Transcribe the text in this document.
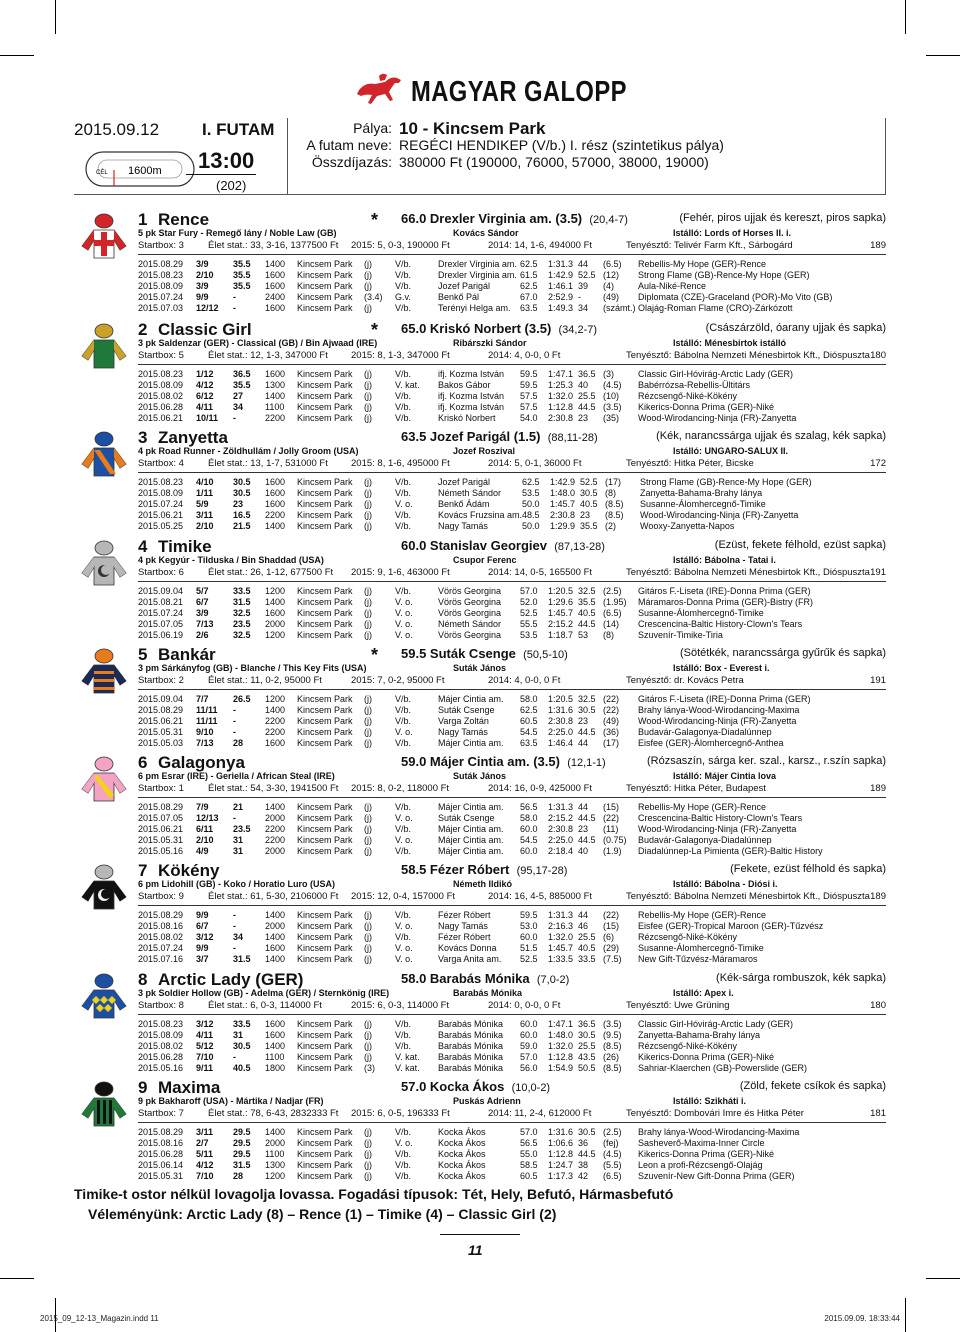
MAGYAR GALOPP
2015.09.12	I. FUTAM
CÉL 1600m 13:00
(202)
Pálya:
A futam neve:
Összdíjazás:
10 - Kincsem Park
REGÉCI HENDIKEP (V/b.) I. rész (szintetikus pálya)
380000 Ft (190000, 76000, 57000, 38000, 19000)
1 Rence	* 66.0 Drexler Virginia am. (3.5) (20,4-7)	(Fehér, piros ujjak és kereszt, piros sapka)
5 pk Star Fury - Remegő lány / Noble Law (GB)	Kovács Sándor	Istálló: Lords of Horses II. i.
Startbox: 3	Élet stat.: 33, 3-16, 1377500 Ft 2015: 5, 0-3, 190000 Ft	2014: 14, 1-6, 494000 Ft	Tenyésztő: Telivér Farm Kft., Sárbogárd	189
2015.08.29	3/9	35.5	1400	Kincsem Park	(j)	V/b.	Drexler Virginia am.	62.5	1:31.3	44	(6.5)	Rebellis-My Hope (GER)-Rence
2015.08.23	2/10	35.5	1600	Kincsem Park	(j)	V/b.	Drexler Virginia am.	61.5	1:42.9	52.5	(12)	Strong Flame (GB)-Rence-My Hope (GER)
2015.08.09	3/9	35.5	1600	Kincsem Park	(j)	V/b.	Jozef Parigál	62.5	1:46.1	39	(4)	Aula-Niké-Rence
2015.07.24	9/9	-	2400	Kincsem Park	(3.4)	G.v.	Benkő Pál	67.0	2:52.9	-	(49)	Diplomata (CZE)-Graceland (POR)-Mo Vito (GB)
2015.07.03	12/12	-	1600	Kincsem Park	(j)	V/b.	Terényi Helga am.	63.5	1:49.3	34	(számt.)	Olajág-Roman Flame (CRO)-Zárkózott
2 Classic Girl	* 65.0 Kriskó Norbert (3.5) (34,2-7)	(Császárzöld, óarany ujjak és sapka)
3 pk Saldenzar (GER) - Classical (GB) / Bin Ajwaad (IRE)	Ribárszki Sándor	Istálló: Ménesbirtok istálló
Startbox: 5	Élet stat.: 12, 1-3, 347000 Ft 2015: 8, 1-3, 347000 Ft	2014: 4, 0-0, 0 Ft	Tenyésztő: Bábolna Nemzeti Ménesbirtok Kft., Dióspuszta 180
2015.08.23	1/12	36.5	1600	Kincsem Park	(j)	V/b.	ifj. Kozma István	59.5	1:47.1	36.5	(3)	Classic Girl-Hóvirág-Arctic Lady (GER)
2015.08.09	4/12	35.5	1300	Kincsem Park	(j)	V. kat.	Bakos Gábor	59.5	1:25.3	40	(4.5)	Babérrózsa-Rebellis-Ültitárs
2015.08.02	6/12	27	1400	Kincsem Park	(j)	V/b.	ifj. Kozma István	57.5	1:32.0	25.5	(10)	Rézcsengő-Niké-Kökény
2015.06.28	4/11	34	1100	Kincsem Park	(j)	V/b.	ifj. Kozma István	57.5	1:12.8	44.5	(3.5)	Kikerics-Donna Prima (GER)-Niké
2015.06.21	10/11	-	2200	Kincsem Park	(j)	V/b.	Kriskó Norbert	54.0	2:30.8	23	(35)	Wood-Wirodancing-Ninja (FR)-Zanyetta
3 Zanyetta	63.5 Jozef Parigál (1.5) (88,11-28)	(Kék, narancssárga ujjak és szalag, kék sapka)
4 pk Road Runner - Zöldhullám / Jolly Groom (USA)	Jozef Roszival	Istálló: UNGARO-SALUX II.
Startbox: 4	Élet stat.: 13, 1-7, 531000 Ft 2015: 8, 1-6, 495000 Ft	2014: 5, 0-1, 36000 Ft	Tenyésztő: Hitka Péter, Bicske	172
2015.08.23	4/10	30.5	1600	Kincsem Park	(j)	V/b.	Jozef Parigál	62.5	1:42.9	52.5	(17)	Strong Flame (GB)-Rence-My Hope (GER)
2015.08.09	1/11	30.5	1600	Kincsem Park	(j)	V/b.	Németh Sándor	53.5	1:48.0	30.5	(8)	Zanyetta-Bahama-Brahy lánya
2015.07.24	5/9	23	1600	Kincsem Park	(j)	V. o.	Benkő Ádám	50.0	1:45.7	40.5	(8.5)	Susanne-Álomhercegnő-Timike
2015.06.21	3/11	16.5	2200	Kincsem Park	(j)	V/b.	Kovács Fruzsina am.	48.5	2:30.8	23	(8.5)	Wood-Wirodancing-Ninja (FR)-Zanyetta
2015.05.25	2/10	21.5	1400	Kincsem Park	(j)	V/b.	Nagy Tamás	50.0	1:29.9	35.5	(2)	Wooxy-Zanyetta-Napos
4 Timike	60.0 Stanislav Georgiev (87,13-28)	(Ezüst, fekete félhold, ezüst sapka)
4 pk Kegyúr - Tilduska / Bin Shaddad (USA)	Csupor Ferenc	Istálló: Bábolna - Tatai i.
Startbox: 6	Élet stat.: 26, 1-12, 677500 Ft 2015: 9, 1-6, 463000 Ft	2014: 14, 0-5, 165500 Ft	Tenyésztő: Bábolna Nemzeti Ménesbirtok Kft., Dióspuszta 191
2015.09.04	5/7	33.5	1200	Kincsem Park	(j)	V/b.	Vörös Georgina	57.0	1:20.5	32.5	(2.5)	Gitáros F.-Liseta (IRE)-Donna Prima (GER)
2015.08.21	6/7	31.5	1400	Kincsem Park	(j)	V. o.	Vörös Georgina	52.0	1:29.6	35.5	(1.95)	Máramaros-Donna Prima (GER)-Bistry (FR)
2015.07.24	3/9	32.5	1600	Kincsem Park	(j)	V. o.	Vörös Georgina	52.5	1:45.7	40.5	(6.5)	Susanne-Álomhercegnő-Timike
2015.07.05	7/13	23.5	2000	Kincsem Park	(j)	V. o.	Németh Sándor	55.5	2:15.2	44.5	(14)	Crescencina-Baltic History-Clown's Tears
2015.06.19	2/6	32.5	1200	Kincsem Park	(j)	V. o.	Vörös Georgina	53.5	1:18.7	53	(8)	Szuvenír-Timike-Tiria
5 Bankár	* 59.5 Suták Csenge (50,5-10)	(Sötétkék, narancssárga gyűrűk és sapka)
3 pm Sárkányfog (GB) - Blanche / This Key Fits (USA)	Suták János	Istálló: Box - Everest i.
Startbox: 2	Élet stat.: 11, 0-2, 95000 Ft	2015: 7, 0-2, 95000 Ft	2014: 4, 0-0, 0 Ft	Tenyésztő: dr. Kovács Petra	191
2015.09.04	7/7	26.5	1200	Kincsem Park	(j)	V/b.	Májer Cintia am.	58.0	1:20.5	32.5	(22)	Gitáros F.-Liseta (IRE)-Donna Prima (GER)
2015.08.29	11/11	-	1400	Kincsem Park	(j)	V/b.	Suták Csenge	62.5	1:31.6	30.5	(22)	Brahy lánya-Wood-Wirodancing-Maxima
2015.06.21	11/11	-	2200	Kincsem Park	(j)	V/b.	Varga Zoltán	60.5	2:30.8	23	(49)	Wood-Wirodancing-Ninja (FR)-Zanyetta
2015.05.31	9/10	-	2200	Kincsem Park	(j)	V. o.	Nagy Tamás	54.5	2:25.0	44.5	(36)	Budavár-Galagonya-Diadalúnnep
2015.05.03	7/13	28	1600	Kincsem Park	(j)	V/b.	Májer Cintia am.	63.5	1:46.4	44	(17)	Eisfee (GER)-Álomhercegnő-Anthea
6 Galagonya	59.0 Májer Cintia am. (3.5) (12,1-1)	(Rózsaszín, sárga ker. szal., karsz., r.szín sapka)
6 pm Esrar (IRE) - Geriella / African Steal (IRE)	Suták János	Istálló: Májer Cintia lova
Startbox: 1	Élet stat.: 54, 3-30, 1941500 Ft 2015: 8, 0-2, 118000 Ft	2014: 16, 0-9, 425000 Ft	Tenyésztő: Hitka Péter, Budapest	189
2015.08.29	7/9	21	1400	Kincsem Park	(j)	V/b.	Májer Cintia am.	56.5	1:31.3	44	(15)	Rebellis-My Hope (GER)-Rence
2015.07.05	12/13	-	2000	Kincsem Park	(j)	V. o.	Suták Csenge	58.0	2:15.2	44.5	(22)	Crescencina-Baltic History-Clown's Tears
2015.06.21	6/11	23.5	2200	Kincsem Park	(j)	V/b.	Májer Cintia am.	60.0	2:30.8	23	(11)	Wood-Wirodancing-Ninja (FR)-Zanyetta
2015.05.31	2/10	31	2200	Kincsem Park	(j)	V. o.	Májer Cintia am.	54.5	2:25.0	44.5	(0.75)	Budavár-Galagonya-Diadalúnnep
2015.05.16	4/9	31	2000	Kincsem Park	(j)	V/b.	Májer Cintia am.	60.0	2:18.4	40	(1.9)	Diadalúnnep-La Pimienta (GER)-Baltic History
7 Kökény	58.5 Fézer Róbert (95,17-28)	(Fekete, ezüst félhold és sapka)
6 pm Lidohill (GB) - Koko / Horatio Luro (USA)	Németh Ildikó	Istálló: Bábolna - Diósi i.
Startbox: 9	Élet stat.: 61, 5-30, 2106000 Ft 2015: 12, 0-4, 157000 Ft	2014: 16, 4-5, 885000 Ft	Tenyésztő: Bábolna Nemzeti Ménesbirtok Kft., Dióspuszta 189
2015.08.29	9/9	-	1400	Kincsem Park	(j)	V/b.	Fézer Róbert	59.5	1:31.3	44	(22)	Rebellis-My Hope (GER)-Rence
2015.08.16	6/7	-	2000	Kincsem Park	(j)	V. o.	Nagy Tamás	53.0	2:16.3	46	(15)	Eisfee (GER)-Tropical Maroon (GER)-Tűzvész
2015.08.02	3/12	34	1400	Kincsem Park	(j)	V/b.	Fézer Róbert	60.0	1:32.0	25.5	(6)	Rézcsengő-Niké-Kökény
2015.07.24	9/9	-	1600	Kincsem Park	(j)	V. o.	Kovács Donna	51.5	1:45.7	40.5	(29)	Susanne-Álomhercegnő-Timike
2015.07.16	3/7	31.5	1400	Kincsem Park	(j)	V. o.	Varga Anita am.	52.5	1:33.5	33.5	(7.5)	New Gift-Tűzvész-Máramaros
8 Arctic Lady (GER)	58.0 Barabás Mónika (7,0-2)	(Kék-sárga rombuszok, kék sapka)
3 pk Soldier Hollow (GB) - Adelma (GER) / Sternkönig (IRE)	Barabás Mónika	Istálló: Apex i.
Startbox: 8	Élet stat.: 6, 0-3, 114000 Ft	2015: 6, 0-3, 114000 Ft	2014: 0, 0-0, 0 Ft	Tenyésztő: Uwe Grüning	180
2015.08.23	3/12	33.5	1600	Kincsem Park	(j)	V/b.	Barabás Mónika	60.0	1:47.1	36.5	(3.5)	Classic Girl-Hóvirág-Arctic Lady (GER)
2015.08.09	4/11	31	1600	Kincsem Park	(j)	V/b.	Barabás Mónika	60.0	1:48.0	30.5	(9.5)	Zanyetta-Bahama-Brahy lánya
2015.08.02	5/12	30.5	1400	Kincsem Park	(j)	V/b.	Barabás Mónika	59.0	1:32.0	25.5	(8.5)	Rézcsengő-Niké-Kökény
2015.06.28	7/10	-	1100	Kincsem Park	(j)	V. kat.	Barabás Mónika	57.0	1:12.8	43.5	(26)	Kikerics-Donna Prima (GER)-Niké
2015.05.16	9/11	40.5	1800	Kincsem Park	(3)	V. kat.	Barabás Mónika	56.0	1:54.9	50.5	(8.5)	Sahriar-Klaerchen (GB)-Powerslide (GER)
9 Maxima	57.0 Kocka Ákos (10,0-2)	(Zöld, fekete csíkok és sapka)
9 pk Bakharoff (USA) - Mártika / Nadjar (FR)	Puskás Adrienn	Istálló: Szikháti i.
Startbox: 7	Élet stat.: 78, 6-43, 2832333 Ft 2015: 6, 0-5, 196333 Ft	2014: 11, 2-4, 612000 Ft	Tenyésztő: Dombovári Imre és Hitka Péter	181
2015.08.29	3/11	29.5	1400	Kincsem Park	(j)	V/b.	Kocka Ákos	57.0	1:31.6	30.5	(2.5)	Brahy lánya-Wood-Wirodancing-Maxima
2015.08.16	2/7	29.5	2000	Kincsem Park	(j)	V. o.	Kocka Ákos	56.5	1:06.6	36	(fej)	Sasheverő-Maxima-Inner Circle
2015.06.28	5/11	29.5	1100	Kincsem Park	(j)	V/b.	Kocka Ákos	55.0	1:12.8	44.5	(4.5)	Kikerics-Donna Prima (GER)-Niké
2015.06.14	4/12	31.5	1300	Kincsem Park	(j)	V/b.	Kocka Ákos	58.5	1:24.7	38	(5.5)	Leon a profi-Rézcsengő-Olajág
2015.05.31	7/10	28	1200	Kincsem Park	(j)	V/b.	Kocka Ákos	60.5	1:17.3	42	(6.5)	Szuvenír-New Gift-Donna Prima (GER)
Timike-t ostor nélkül lovagolja lovassa. Fogadási típusok: Tét, Hely, Befutó, Hármasbefutó
Véleményünk: Arctic Lady (8) – Rence (1) – Timike (4) – Classic Girl (2)
11
2015_09_12-13_Magazin.indd 11	2015.09.09. 18:33:44
